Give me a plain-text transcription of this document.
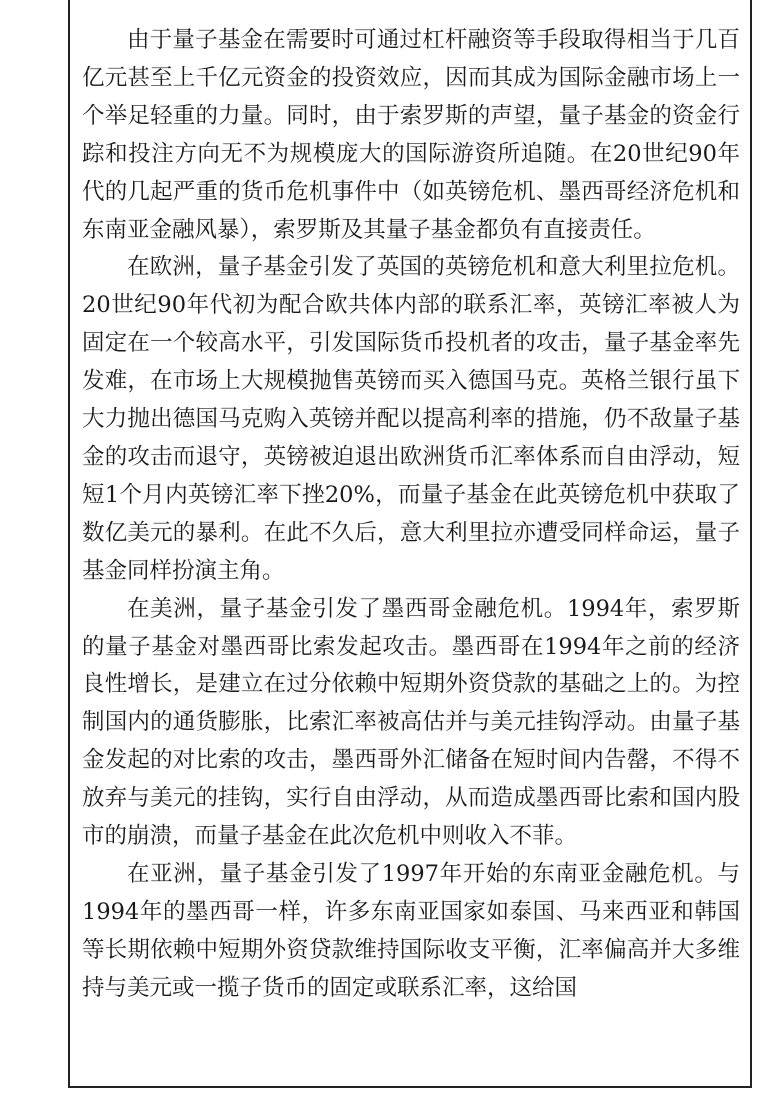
由于量子基金在需要时可通过杠杆融资等手段取得相当于几百亿元甚至上千亿元资金的投资效应，因而其成为国际金融市场上一个举足轻重的力量。同时，由于索罗斯的声望，量子基金的资金行踪和投注方向无不为规模庞大的国际游资所追随。在20世纪90年代的几起严重的货币危机事件中（如英镑危机、墨西哥经济危机和东南亚金融风暴），索罗斯及其量子基金都负有直接责任。

在欧洲，量子基金引发了英国的英镑危机和意大利里拉危机。20世纪90年代初为配合欧共体内部的联系汇率，英镑汇率被人为固定在一个较高水平，引发国际货币投机者的攻击，量子基金率先发难，在市场上大规模抛售英镑而买入德国马克。英格兰银行虽下大力抛出德国马克购入英镑并配以提高利率的措施，仍不敌量子基金的攻击而退守，英镑被迫退出欧洲货币汇率体系而自由浮动，短短1个月内英镑汇率下挫20%，而量子基金在此英镑危机中获取了数亿美元的暴利。在此不久后，意大利里拉亦遭受同样命运，量子基金同样扮演主角。

在美洲，量子基金引发了墨西哥金融危机。1994年，索罗斯的量子基金对墨西哥比索发起攻击。墨西哥在1994年之前的经济良性增长，是建立在过分依赖中短期外资贷款的基础之上的。为控制国内的通货膨胀，比索汇率被高估并与美元挂钩浮动。由量子基金发起的对比索的攻击，墨西哥外汇储备在短时间内告罄，不得不放弃与美元的挂钩，实行自由浮动，从而造成墨西哥比索和国内股市的崩溃，而量子基金在此次危机中则收入不菲。

在亚洲，量子基金引发了1997年开始的东南亚金融危机。与1994年的墨西哥一样，许多东南亚国家如泰国、马来西亚和韩国等长期依赖中短期外资贷款维持国际收支平衡，汇率偏高并大多维持与美元或一揽子货币的固定或联系汇率，这给国
